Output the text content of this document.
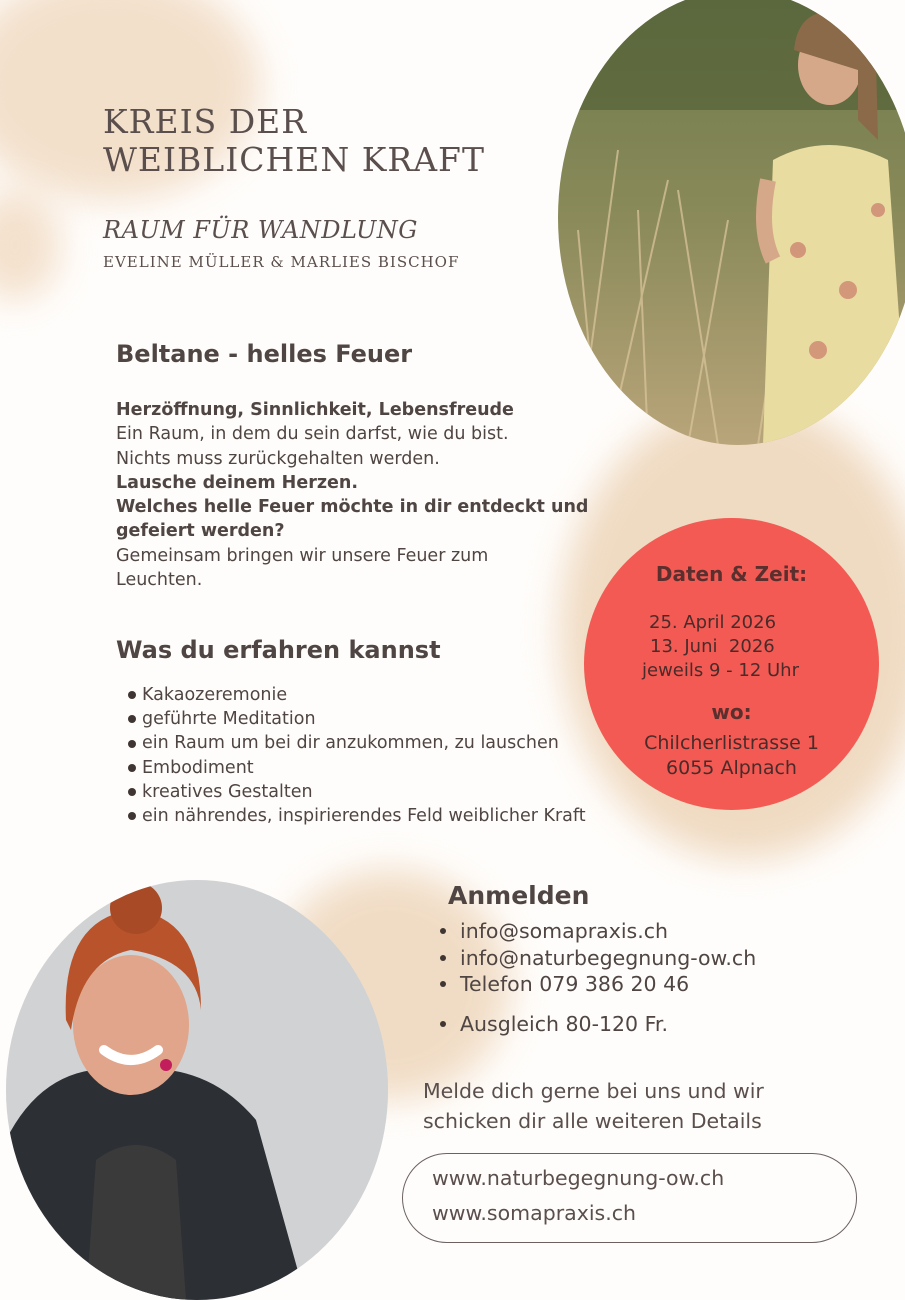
KREIS DER
WEIBLICHEN KRAFT
RAUM FÜR WANDLUNG
EVELINE MÜLLER & MARLIES BISCHOF
Beltane - helles Feuer
Herzöffnung, Sinnlichkeit, Lebensfreude
Ein Raum, in dem du sein darfst, wie du bist.
Nichts muss zurückgehalten werden.
Lausche deinem Herzen.
Welches helle Feuer möchte in dir entdeckt und
gefeiert werden?
Gemeinsam bringen wir unsere Feuer zum
Leuchten.
Was du erfahren kannst
Kakaozeremonie
geführte Meditation
ein Raum um bei dir anzukommen, zu lauschen
Embodiment
kreatives Gestalten
ein nährendes, inspirierendes Feld weiblicher Kraft
Daten & Zeit:
25. April 2026
13. Juni  2026
jeweils 9 - 12 Uhr
wo:
Chilcherlistrasse 1
6055 Alpnach
Anmelden
info@somapraxis.ch
info@naturbegegnung-ow.ch
Telefon 079 386 20 46
Ausgleich 80-120 Fr.
Melde dich gerne bei uns und wir
schicken dir alle weiteren Details
www.naturbegegnung-ow.ch
www.somapraxis.ch
